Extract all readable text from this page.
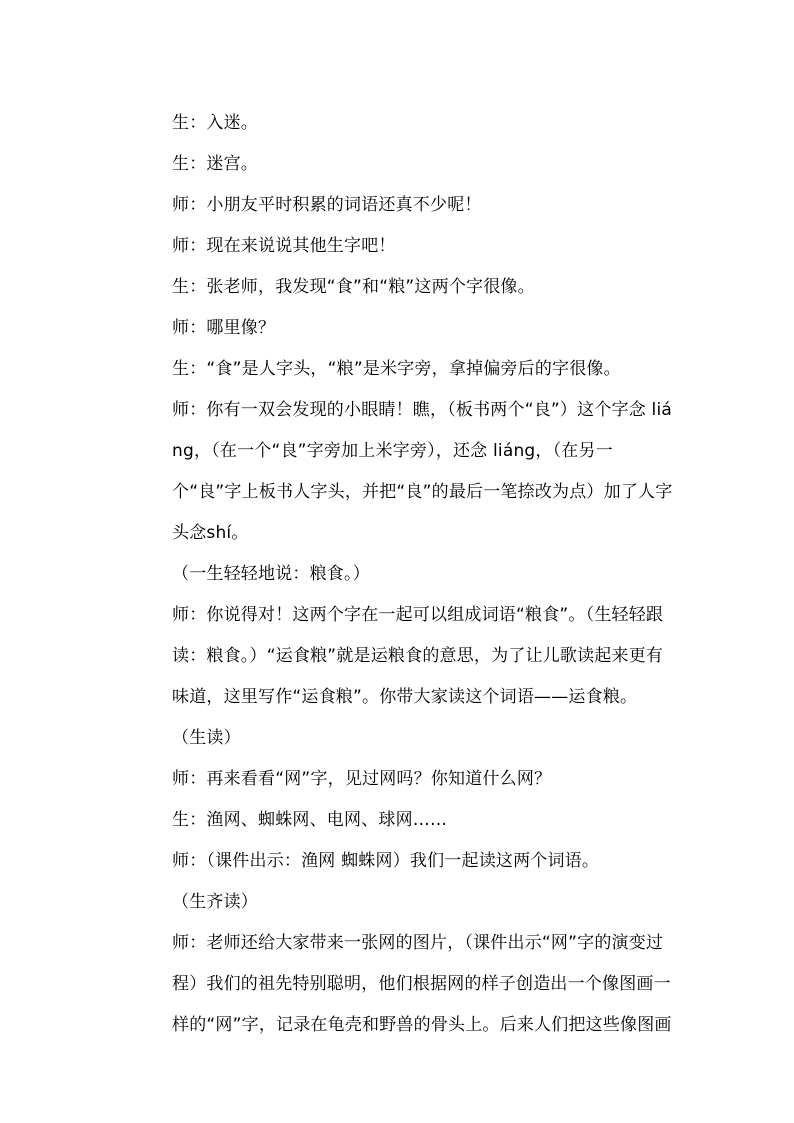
生：入迷。

生：迷宫。

师：小朋友平时积累的词语还真不少呢！

师：现在来说说其他生字吧！

生：张老师，我发现“食”和“粮”这两个字很像。

师：哪里像？

生：“食”是人字头，“粮”是米字旁，拿掉偏旁后的字很像。

师：你有一双会发现的小眼睛！瞧，（板书两个“良”）这个字念 liáng，（在一个“良”字旁加上米字旁），还念 liáng，（在另一个“良”字上板书人字头，并把“良”的最后一笔捺改为点）加了人字头念shí。

（一生轻轻地说：粮食。）

师：你说得对！这两个字在一起可以组成词语“粮食”。（生轻轻跟读：粮食。）“运食粮”就是运粮食的意思，为了让儿歌读起来更有味道，这里写作“运食粮”。你带大家读这个词语——运食粮。

（生读）

师：再来看看“网”字，见过网吗？你知道什么网？

生：渔网、蜘蛛网、电网、球网……

师：（课件出示：渔网 蜘蛛网）我们一起读这两个词语。

（生齐读）

师：老师还给大家带来一张网的图片，（课件出示“网”字的演变过程）我们的祖先特别聪明，他们根据网的样子创造出一个像图画一样的“网”字，记录在龟壳和野兽的骨头上。后来人们把这些像图画
